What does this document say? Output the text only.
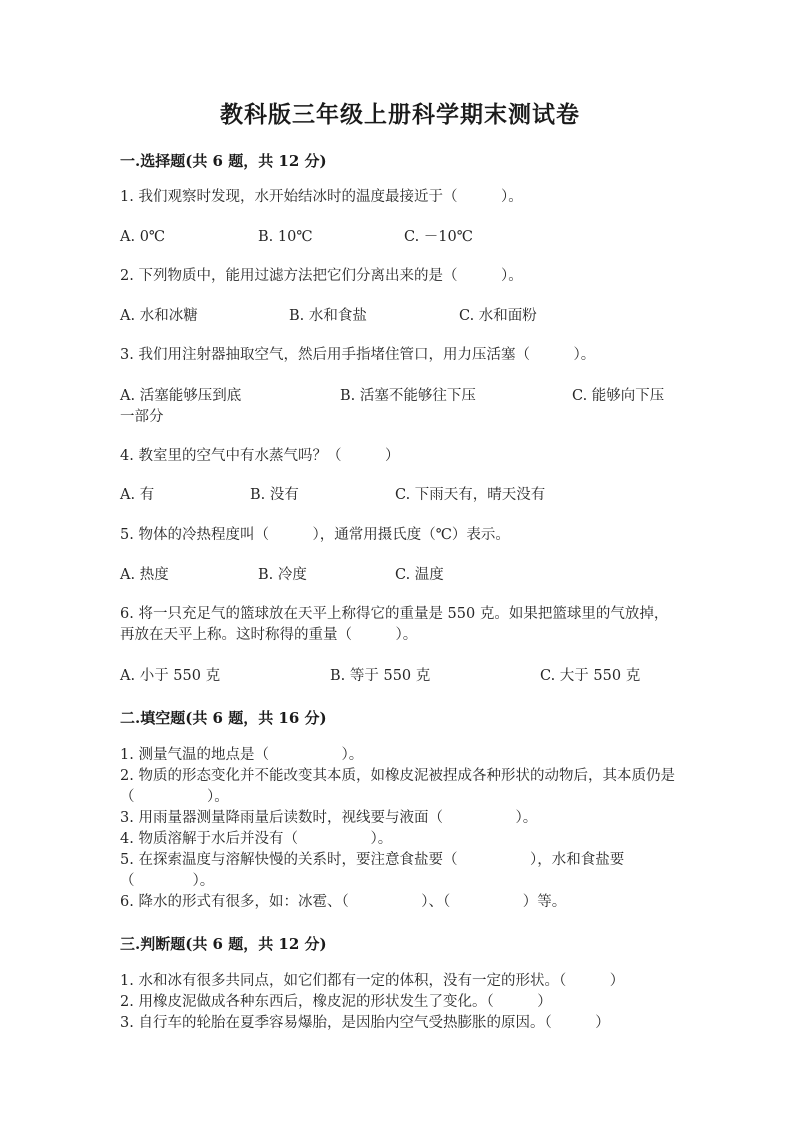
教科版三年级上册科学期末测试卷
一.选择题(共 6 题，共 12 分)
1. 我们观察时发现，水开始结冰时的温度最接近于（　　　）。
A. 0℃	B. 10℃	C. －10℃
2. 下列物质中，能用过滤方法把它们分离出来的是（　　　）。
A. 水和冰糖	B. 水和食盐	C. 水和面粉
3. 我们用注射器抽取空气，然后用手指堵住管口，用力压活塞（　　　）。
A. 活塞能够压到底	B. 活塞不能够往下压	C. 能够向下压
一部分
4. 教室里的空气中有水蒸气吗？（　　　）
A. 有	B. 没有	C. 下雨天有，晴天没有
5. 物体的冷热程度叫（　　　），通常用摄氏度（℃）表示。
A. 热度	B. 冷度	C. 温度
6. 将一只充足气的篮球放在天平上称得它的重量是 550 克。如果把篮球里的气放掉，再放在天平上称。这时称得的重量（　　　）。
A. 小于 550 克	B. 等于 550 克	C. 大于 550 克
二.填空题(共 6 题，共 16 分)
1. 测量气温的地点是（　　　　　）。
2. 物质的形态变化并不能改变其本质，如橡皮泥被捏成各种形状的动物后，其本质仍是（　　　　　）。
3. 用雨量器测量降雨量后读数时，视线要与液面（　　　　　）。
4. 物质溶解于水后并没有（　　　　　）。
5. 在探索温度与溶解快慢的关系时，要注意食盐要（　　　　　），水和食盐要（　　　　）。
6. 降水的形式有很多，如：冰雹、（　　　　　）、（　　　　　）等。
三.判断题(共 6 题，共 12 分)
1. 水和冰有很多共同点，如它们都有一定的体积，没有一定的形状。（　　　）
2. 用橡皮泥做成各种东西后，橡皮泥的形状发生了变化。（　　　）
3. 自行车的轮胎在夏季容易爆胎，是因胎内空气受热膨胀的原因。（　　　）
